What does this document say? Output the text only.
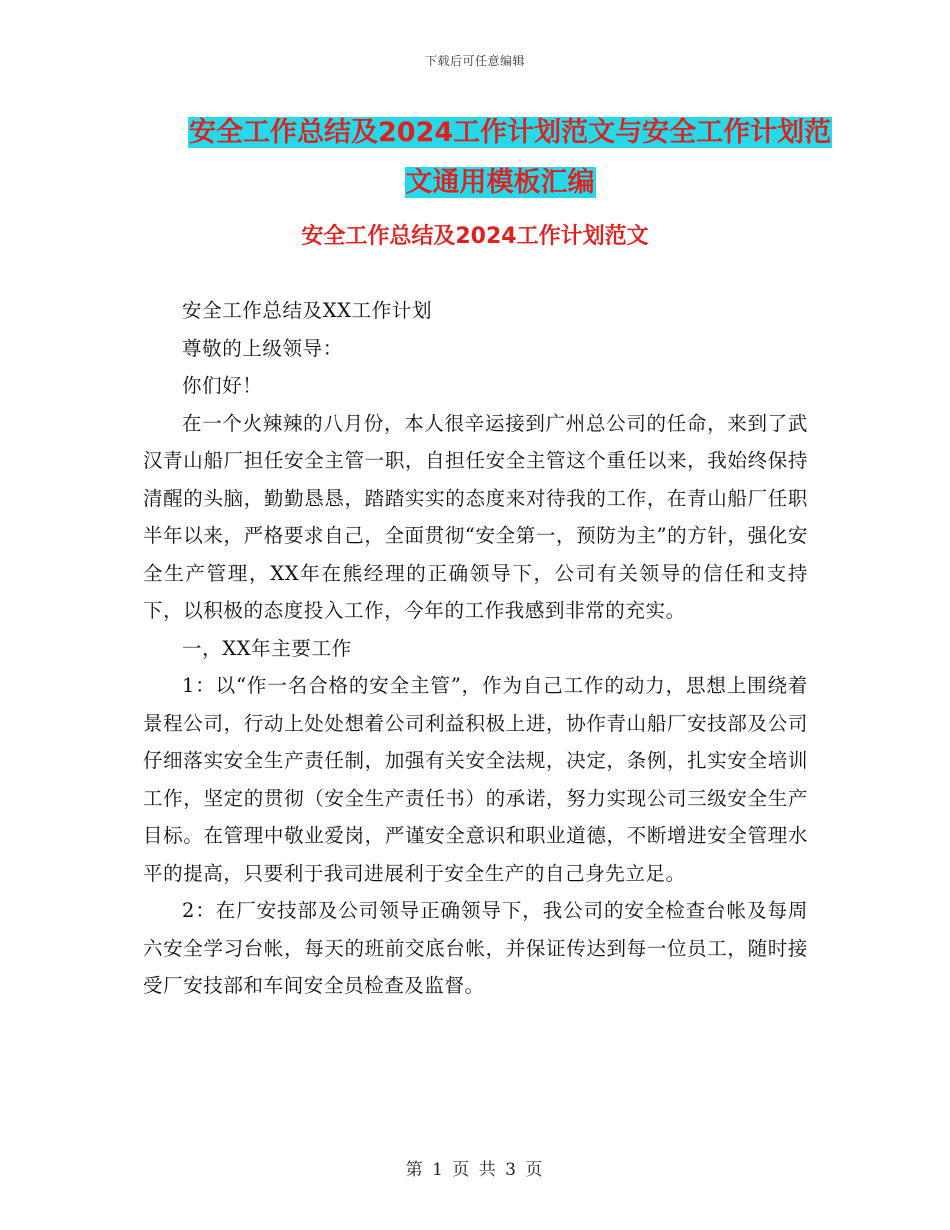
下载后可任意编辑
安全工作总结及2024工作计划范文与安全工作计划范
文通用模板汇编
安全工作总结及2024工作计划范文

安全工作总结及XX工作计划

尊敬的上级领导：

你们好！

在一个火辣辣的八月份，本人很辛运接到广州总公司的任命，来到了武汉青山船厂担任安全主管一职，自担任安全主管这个重任以来，我始终保持清醒的头脑，勤勤恳恳，踏踏实实的态度来对待我的工作，在青山船厂任职半年以来，严格要求自己，全面贯彻“安全第一，预防为主”的方针，强化安全生产管理，XX年在熊经理的正确领导下，公司有关领导的信任和支持下，以积极的态度投入工作，今年的工作我感到非常的充实。

一，XX年主要工作

1：以“作一名合格的安全主管”，作为自己工作的动力，思想上围绕着景程公司，行动上处处想着公司利益积极上进，协作青山船厂安技部及公司仔细落实安全生产责任制，加强有关安全法规，决定，条例，扎实安全培训工作，坚定的贯彻（安全生产责任书）的承诺，努力实现公司三级安全生产目标。在管理中敬业爱岗，严谨安全意识和职业道德，不断增进安全管理水平的提高，只要利于我司进展利于安全生产的自己身先立足。

2：在厂安技部及公司领导正确领导下，我公司的安全检查台帐及每周六安全学习台帐，每天的班前交底台帐，并保证传达到每一位员工，随时接受厂安技部和车间安全员检查及监督。

第 1 页 共 3 页
